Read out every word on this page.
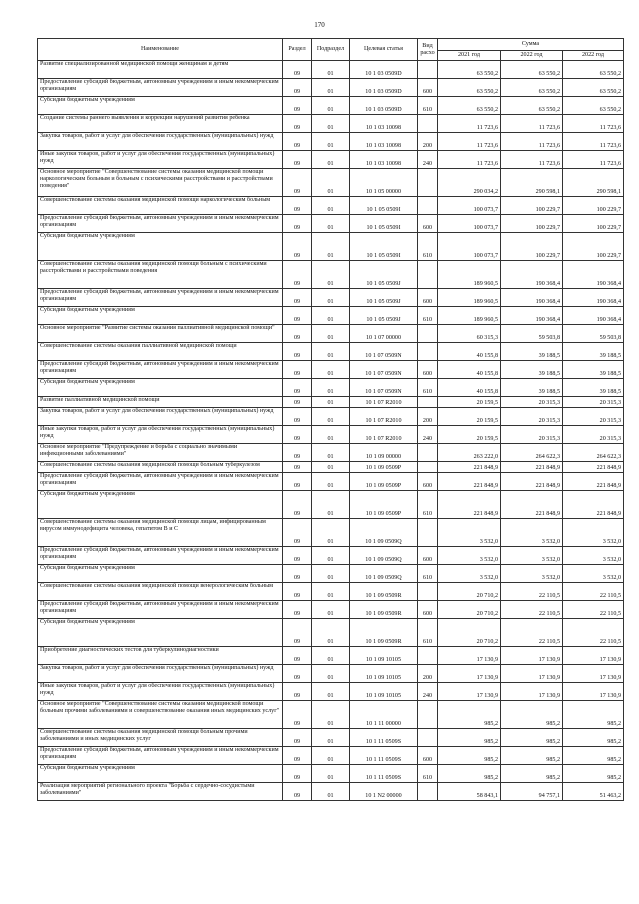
170
Наименование	Раздел	Подраздел	Целевая статья	Вид расхо	Сумма		
					2021 год	2022 год	2022 год
Развитие специализированной медицинской помощи женщинам и детям	09	01	10 1 03 0509D		63 550,2	63 550,2	63 550,2
Предоставление субсидий бюджетным, автономным учреждениям и иным некоммерческим организациям	09	01	10 1 03 0509D	600	63 550,2	63 550,2	63 550,2
Субсидии бюджетным учреждениям	09	01	10 1 03 0509D	610	63 550,2	63 550,2	63 550,2
Создание системы раннего выявления и коррекции нарушений развития ребенка	09	01	10 1 03 10098		11 723,6	11 723,6	11 723,6
Закупка товаров, работ и услуг для обеспечения государственных (муниципальных) нужд	09	01	10 1 03 10098	200	11 723,6	11 723,6	11 723,6
Иные закупки товаров, работ и услуг для обеспечения государственных (муниципальных) нужд	09	01	10 1 03 10098	240	11 723,6	11 723,6	11 723,6
Основное мероприятие "Совершенствование системы оказания медицинской помощи наркологическим больным и больным с психическими расстройствами и расстройствами поведения"	09	01	10 1 05 00000		290 034,2	290 598,1	290 598,1
Совершенствование системы оказания медицинской помощи наркологическим больным	09	01	10 1 05 0509I		100 073,7	100 229,7	100 229,7
Предоставление субсидий бюджетным, автономным учреждениям и иным некоммерческим организациям	09	01	10 1 05 0509I	600	100 073,7	100 229,7	100 229,7
Субсидии бюджетным учреждениям	09	01	10 1 05 0509I	610	100 073,7	100 229,7	100 229,7
Совершенствование системы оказания медицинской помощи больным с психическими расстройствами и расстройствами поведения	09	01	10 1 05 0509J		189 960,5	190 368,4	190 368,4
Предоставление субсидий бюджетным, автономным учреждениям и иным некоммерческим организациям	09	01	10 1 05 0509J	600	189 960,5	190 368,4	190 368,4
Субсидии бюджетным учреждениям	09	01	10 1 05 0509J	610	189 960,5	190 368,4	190 368,4
Основное мероприятие "Развитие системы оказания паллиативной медицинской помощи"	09	01	10 1 07 00000		60 315,3	59 503,8	59 503,8
Совершенствование системы оказания паллиативной медицинской помощи	09	01	10 1 07 0509N		40 155,8	39 188,5	39 188,5
Предоставление субсидий бюджетным, автономным учреждениям и иным некоммерческим организациям	09	01	10 1 07 0509N	600	40 155,8	39 188,5	39 188,5
Субсидии бюджетным учреждениям	09	01	10 1 07 0509N	610	40 155,8	39 188,5	39 188,5
Развитие паллиативной медицинской помощи	09	01	10 1 07 R2010		20 159,5	20 315,3	20 315,3
Закупка товаров, работ и услуг для обеспечения государственных (муниципальных) нужд	09	01	10 1 07 R2010	200	20 159,5	20 315,3	20 315,3
Иные закупки товаров, работ и услуг для обеспечения государственных (муниципальных) нужд	09	01	10 1 07 R2010	240	20 159,5	20 315,3	20 315,3
Основное мероприятие "Предупреждение и борьба с социально значимыми инфекционными заболеваниями"	09	01	10 1 09 00000		263 222,0	264 622,3	264 622,3
Совершенствование системы оказания медицинской помощи больным туберкулезом	09	01	10 1 09 0509P		221 848,9	221 848,9	221 848,9
Предоставление субсидий бюджетным, автономным учреждениям и иным некоммерческим организациям	09	01	10 1 09 0509P	600	221 848,9	221 848,9	221 848,9
Субсидии бюджетным учреждениям	09	01	10 1 09 0509P	610	221 848,9	221 848,9	221 848,9
Совершенствование системы оказания медицинской помощи лицам, инфицированным вирусом иммунодефицита человека, гепатитом В и С	09	01	10 1 09 0509Q		3 532,0	3 532,0	3 532,0
Предоставление субсидий бюджетным, автономным учреждениям и иным некоммерческим организациям	09	01	10 1 09 0509Q	600	3 532,0	3 532,0	3 532,0
Субсидии бюджетным учреждениям	09	01	10 1 09 0509Q	610	3 532,0	3 532,0	3 532,0
Совершенствование системы оказания медицинской помощи венерологическим больным	09	01	10 1 09 0509R		20 710,2	22 110,5	22 110,5
Предоставление субсидий бюджетным, автономным учреждениям и иным некоммерческим организациям	09	01	10 1 09 0509R	600	20 710,2	22 110,5	22 110,5
Субсидии бюджетным учреждениям	09	01	10 1 09 0509R	610	20 710,2	22 110,5	22 110,5
Приобретение диагностических тестов для туберкулинодиагностики	09	01	10 1 09 10105		17 130,9	17 130,9	17 130,9
Закупка товаров, работ и услуг для обеспечения государственных (муниципальных) нужд	09	01	10 1 09 10105	200	17 130,9	17 130,9	17 130,9
Иные закупки товаров, работ и услуг для обеспечения государственных (муниципальных) нужд	09	01	10 1 09 10105	240	17 130,9	17 130,9	17 130,9
Основное мероприятие "Совершенствование системы оказания медицинской помощи больным прочими заболеваниями и совершенствование оказания иных медицинских услуг"	09	01	10 1 11 00000		985,2	985,2	985,2
Совершенствование системы оказания медицинской помощи больным прочими заболеваниями и иных медицинских услуг	09	01	10 1 11 0509S		985,2	985,2	985,2
Предоставление субсидий бюджетным, автономным учреждениям и иным некоммерческим организациям	09	01	10 1 11 0509S	600	985,2	985,2	985,2
Субсидии бюджетным учреждениям	09	01	10 1 11 0509S	610	985,2	985,2	985,2
Реализация мероприятий регионального проекта "Борьба с сердечно-сосудистыми заболеваниями"	09	01	10 1 N2 00000		58 843,1	94 757,1	51 463,2
